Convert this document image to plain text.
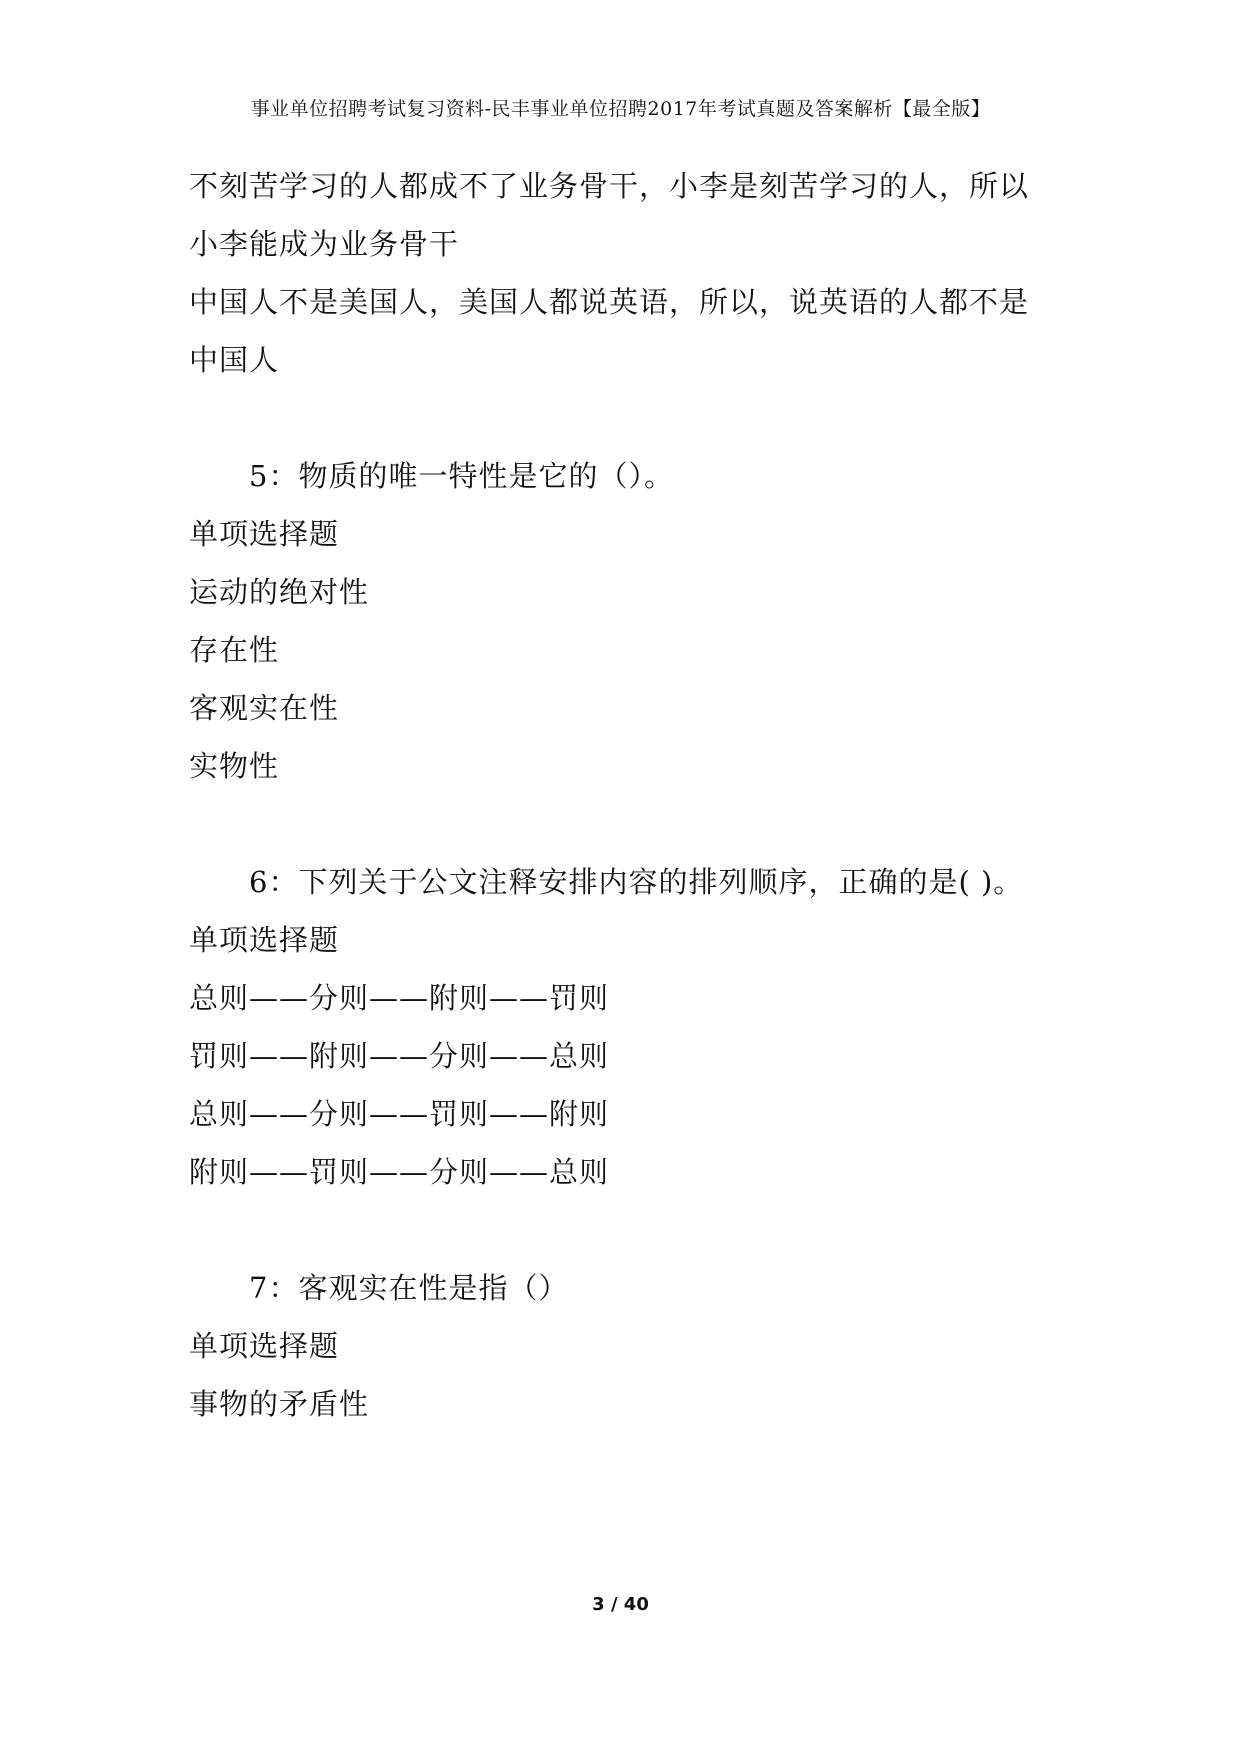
事业单位招聘考试复习资料-民丰事业单位招聘2017年考试真题及答案解析【最全版】
不刻苦学习的人都成不了业务骨干，小李是刻苦学习的人，所以
小李能成为业务骨干
中国人不是美国人，美国人都说英语，所以，说英语的人都不是
中国人
5：物质的唯一特性是它的（）。
单项选择题
运动的绝对性
存在性
客观实在性
实物性
6：下列关于公文注释安排内容的排列顺序，正确的是( )。
单项选择题
总则——分则——附则——罚则
罚则——附则——分则——总则
总则——分则——罚则——附则
附则——罚则——分则——总则
7：客观实在性是指（）
单项选择题
事物的矛盾性
3 / 40
